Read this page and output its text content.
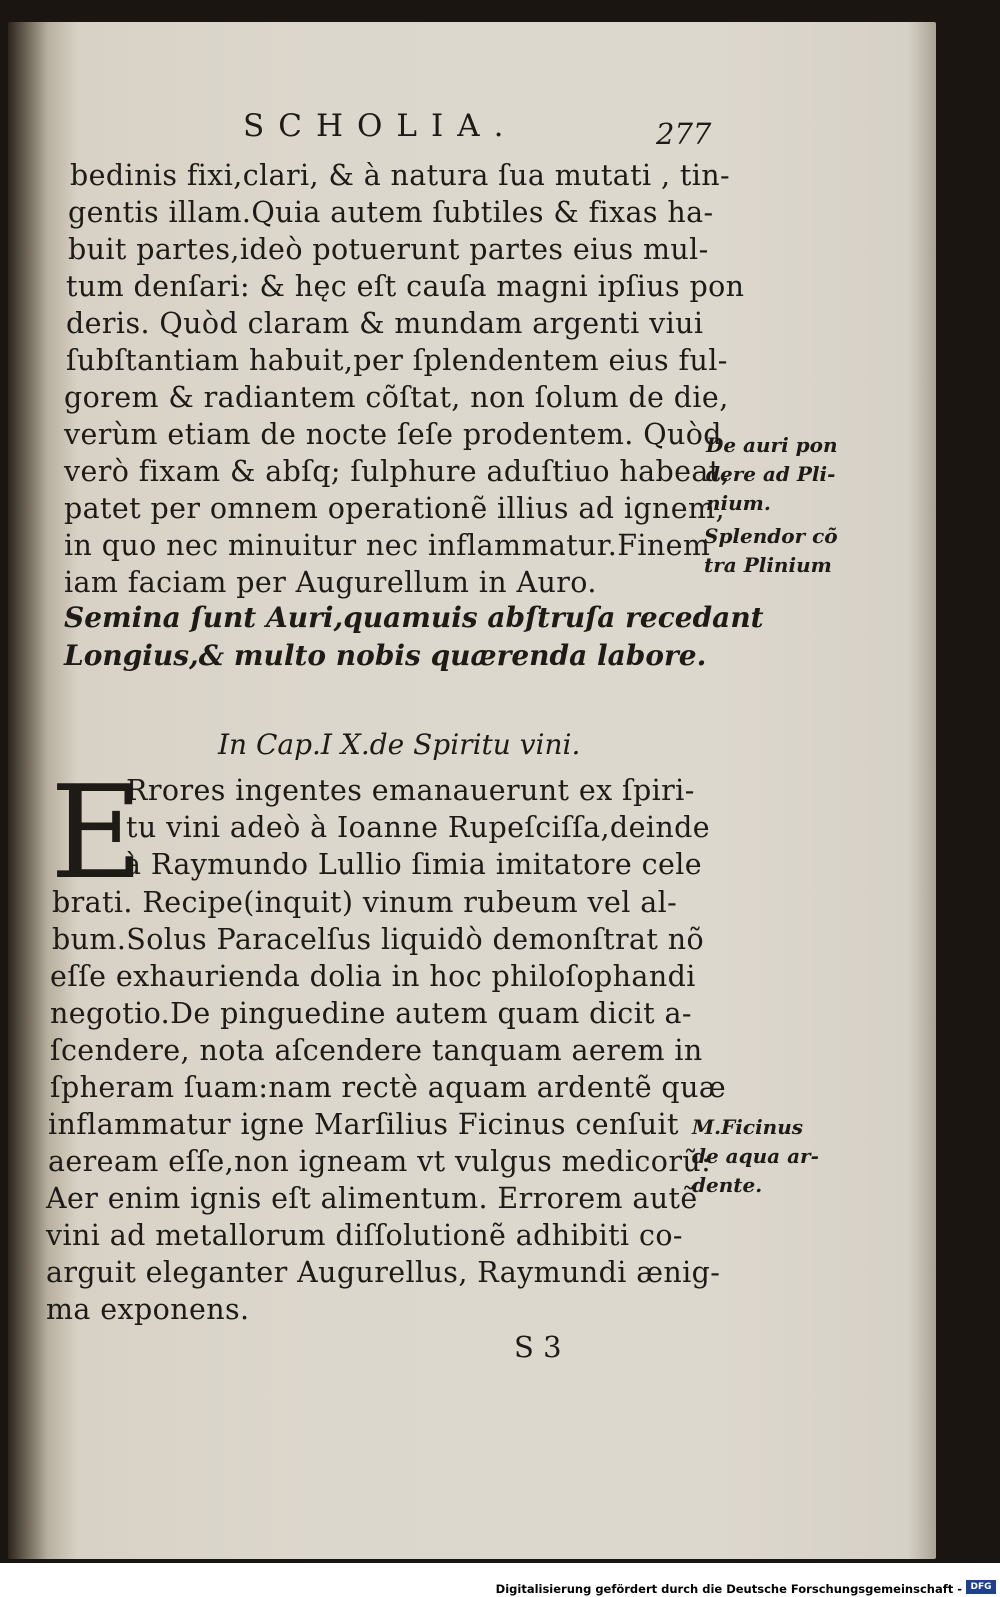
SCHOLIA.	277
bedinis fixi,clari, & à natura ſua mutati , tin-
gentis illam.Quia autem ſubtiles & fixas ha-
buit partes,ideò potuerunt partes eius mul-
tum denſari: & hęc eſt cauſa magni ipſius pon
deris. Quòd claram & mundam argenti viui
ſubſtantiam habuit,per ſplendentem eius ful-
gorem & radiantem cõſtat, non ſolum de die,
verùm etiam de nocte ſeſe prodentem. Quòd
verò fixam & abſq; ſulphure aduſtiuo habeat,
patet per omnem operationẽ illius ad ignem,
in quo nec minuitur nec inflammatur.Finem
iam faciam per Augurellum in Auro.
Semina ſunt Auri,quamuis abſtruſa recedant
Longius,& multo nobis quærenda labore.
In Cap.I X.de Spiritu vini.
E
Rrores ingentes emanauerunt ex ſpiri-
tu vini adeò à Ioanne Rupeſciſſa,deinde
à Raymundo Lullio ſimia imitatore cele
brati. Recipe(inquit) vinum rubeum vel al-
bum.Solus Paracelſus liquidò demonſtrat nõ
eſſe exhaurienda dolia in hoc philoſophandi
negotio.De pinguedine autem quam dicit a-
ſcendere, nota aſcendere tanquam aerem in
ſpheram ſuam:nam rectè aquam ardentẽ quæ
inflammatur igne Marſilius Ficinus cenſuit
aeream eſſe,non igneam vt vulgus medicorũ:
Aer enim ignis eſt alimentum. Errorem autẽ
vini ad metallorum diſſolutionẽ adhibiti co-
arguit eleganter Augurellus, Raymundi ænig-
ma exponens.
De auri pon
dere ad Pli-
nium.
Splendor cõ
tra Plinium
M.Ficinus
de aqua ar-
dente.
S 3
Digitalisierung gefördert durch die Deutsche Forschungsgemeinschaft - DFG
